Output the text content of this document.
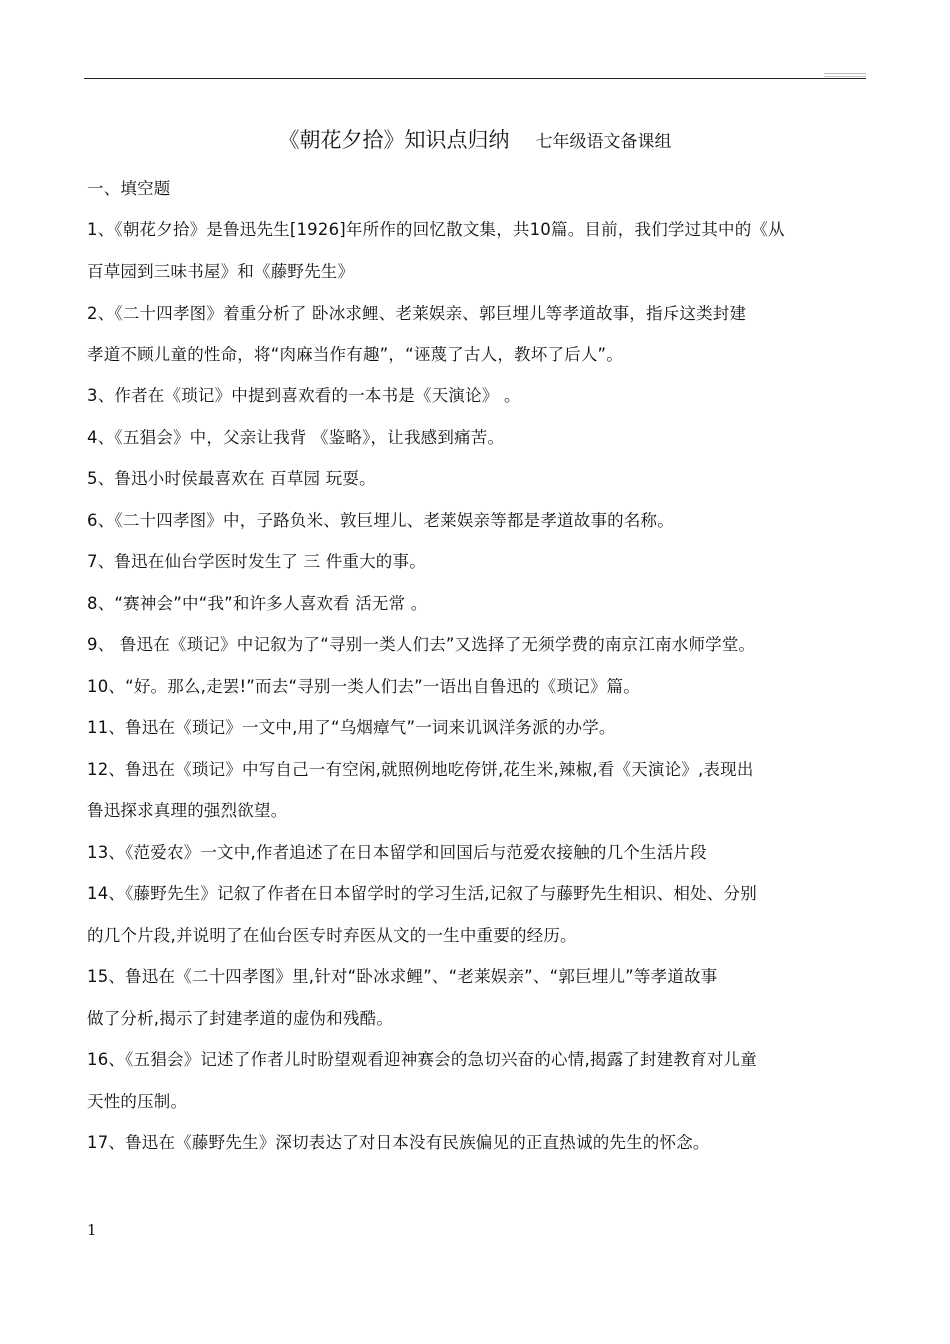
《朝花夕拾》知识点归纳 七年级语文备课组
一、填空题
1、《朝花夕拾》是鲁迅先生[1926]年所作的回忆散文集，共10篇。目前，我们学过其中的《从
百草园到三味书屋》和《藤野先生》
2、《二十四孝图》着重分析了 卧冰求鲤、老莱娱亲、郭巨埋儿等孝道故事，指斥这类封建
孝道不顾儿童的性命，将“肉麻当作有趣”，“诬蔑了古人，教坏了后人”。
3、作者在《琐记》中提到喜欢看的一本书是《天演论》 。
4、《五猖会》中，父亲让我背 《鉴略》，让我感到痛苦。
5、鲁迅小时侯最喜欢在 百草园 玩耍。
6、《二十四孝图》中，子路负米、敦巨埋儿、老莱娱亲等都是孝道故事的名称。
7、鲁迅在仙台学医时发生了 三 件重大的事。
8、“赛神会”中“我”和许多人喜欢看 活无常 。
9、 鲁迅在《琐记》中记叙为了“寻别一类人们去”又选择了无须学费的南京江南水师学堂。
10、“好。那么,走罢!”而去“寻别一类人们去”一语出自鲁迅的《琐记》篇。
11、鲁迅在《琐记》一文中,用了“乌烟瘴气”一词来讥讽洋务派的办学。
12、鲁迅在《琐记》中写自己一有空闲,就照例地吃侉饼,花生米,辣椒,看《天演论》,表现出
鲁迅探求真理的强烈欲望。
13、《范爱农》一文中,作者追述了在日本留学和回国后与范爱农接触的几个生活片段
14、《藤野先生》记叙了作者在日本留学时的学习生活,记叙了与藤野先生相识、相处、分别
的几个片段,并说明了在仙台医专时弃医从文的一生中重要的经历。
15、鲁迅在《二十四孝图》里,针对“卧冰求鲤”、“老莱娱亲”、“郭巨埋儿”等孝道故事
做了分析,揭示了封建孝道的虚伪和残酷。
16、《五猖会》记述了作者儿时盼望观看迎神赛会的急切兴奋的心情,揭露了封建教育对儿童
天性的压制。
17、鲁迅在《藤野先生》深切表达了对日本没有民族偏见的正直热诚的先生的怀念。
1
